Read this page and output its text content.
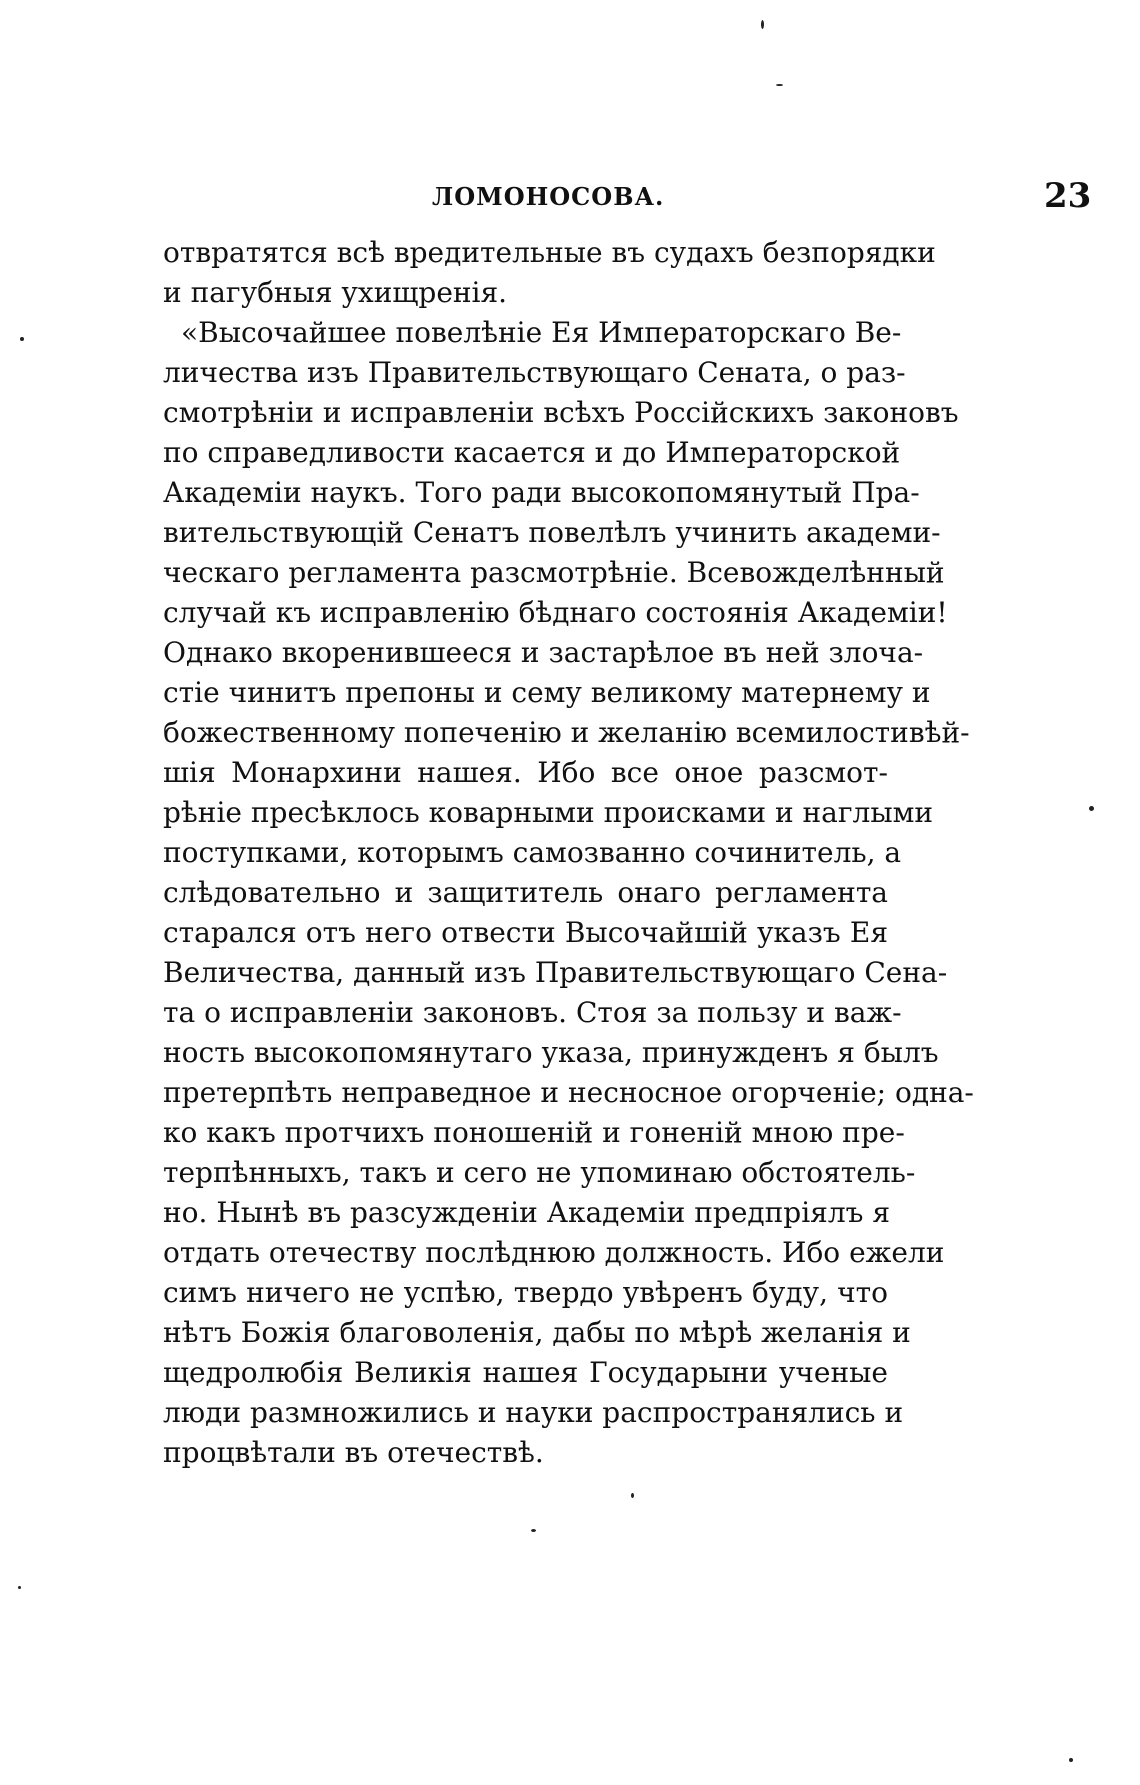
ЛОМОНОСОВА.	23
отвратятся всѣ вредительные въ судахъ безпорядки
и пагубныя ухищренія.
«Высочайшее повелѣніе Ея Императорскаго Ве-
личества изъ Правительствующаго Сената, о раз-
смотрѣніи и исправленіи всѣхъ Россійскихъ законовъ
по справедливости касается и до Императорской
Академіи наукъ. Того ради высокопомянутый Пра-
вительствующій Сенатъ повелѣлъ учинить академи-
ческаго регламента разсмотрѣніе. Всевожделѣнный
случай къ исправленію бѣднаго состоянія Академіи!
Однако вкоренившееся и застарѣлое въ ней злоча-
стіе чинитъ препоны и сему великому матернему и
божественному попеченію и желанію всемилостивѣй-
шія Монархини нашея. Ибо все оное разсмот-
рѣніе пресѣклось коварными происками и наглыми
поступками, которымъ самозванно сочинитель, а
слѣдовательно и защититель онаго регламента
старался отъ него отвести Высочайшій указъ Ея
Величества, данный изъ Правительствующаго Сена-
та о исправленіи законовъ. Стоя за пользу и важ-
ность высокопомянутаго указа, принужденъ я былъ
претерпѣть неправедное и несносное огорченіе; одна-
ко какъ протчихъ поношеній и гоненій мною пре-
терпѣнныхъ, такъ и сего не упоминаю обстоятель-
но. Нынѣ въ разсужденіи Академіи предпріялъ я
отдать отечеству послѣднюю должность. Ибо ежели
симъ ничего не успѣю, твердо увѣренъ буду, что
нѣтъ Божія благоволенія, дабы по мѣрѣ желанія и
щедролюбія Великія нашея Государыни ученые
люди размножились и науки распространялись и
процвѣтали въ отечествѣ.
